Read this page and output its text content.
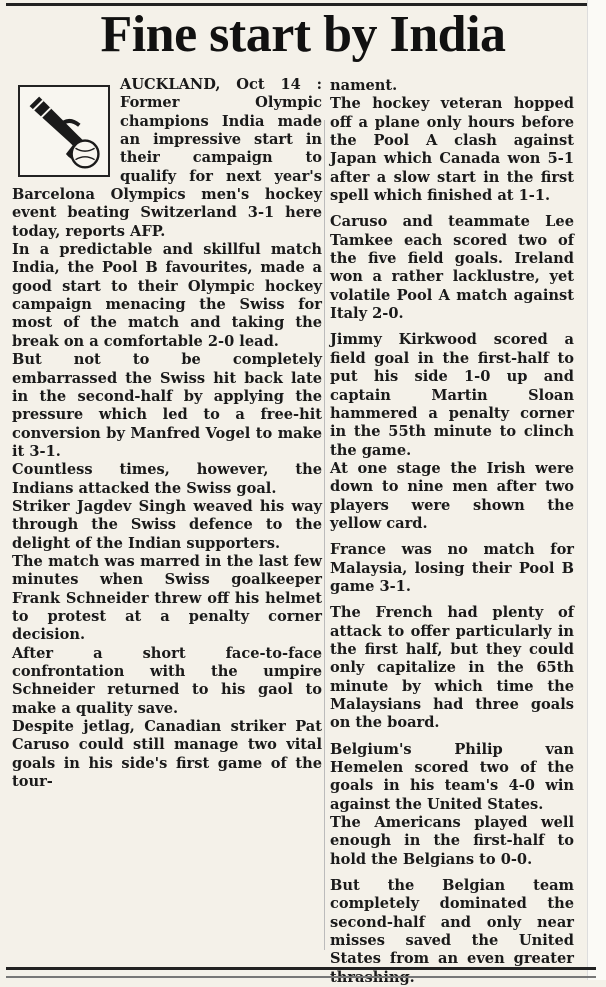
Fine start by India

AUCKLAND, Oct 14 : Former Olympic champions India made an impressive start in their campaign to qualify for next year's Barcelona Olympics men's hockey event beating Switzerland 3-1 here today, reports AFP.

In a predictable and skillful match India, the Pool B favourites, made a good start to their Olympic hockey campaign menacing the Swiss for most of the match and taking the break on a comfortable 2-0 lead.

But not to be completely embarrassed the Swiss hit back late in the second-half by applying the pressure which led to a free-hit conversion by Manfred Vogel to make it 3-1.

Countless times, however, the Indians attacked the Swiss goal.

Striker Jagdev Singh weaved his way through the Swiss defence to the delight of the Indian supporters.

The match was marred in the last few minutes when Swiss goalkeeper Frank Schneider threw off his helmet to protest at a penalty corner decision.

After a short face-to-face confrontation with the umpire Schneider returned to his gaol to make a quality save.

Despite jetlag, Canadian striker Pat Caruso could still manage two vital goals in his side's first game of the tour-

nament.

The hockey veteran hopped off a plane only hours before the Pool A clash against Japan which Canada won 5-1 after a slow start in the first spell which finished at 1-1.

Caruso and teammate Lee Tamkee each scored two of the five field goals. Ireland won a rather lacklustre, yet volatile Pool A match against Italy 2-0.

Jimmy Kirkwood scored a field goal in the first-half to put his side 1-0 up and captain Martin Sloan hammered a penalty corner in the 55th minute to clinch the game.

At one stage the Irish were down to nine men after two players were shown the yellow card.

France was no match for Malaysia, losing their Pool B game 3-1.

The French had plenty of attack to offer particularly in the first half, but they could only capitalize in the 65th minute by which time the Malaysians had three goals on the board.

Belgium's Philip van Hemelen scored two of the goals in his team's 4-0 win against the United States.

The Americans played well enough in the first-half to hold the Belgians to 0-0.

But the Belgian team completely dominated the second-half and only near misses saved the United States from an even greater
